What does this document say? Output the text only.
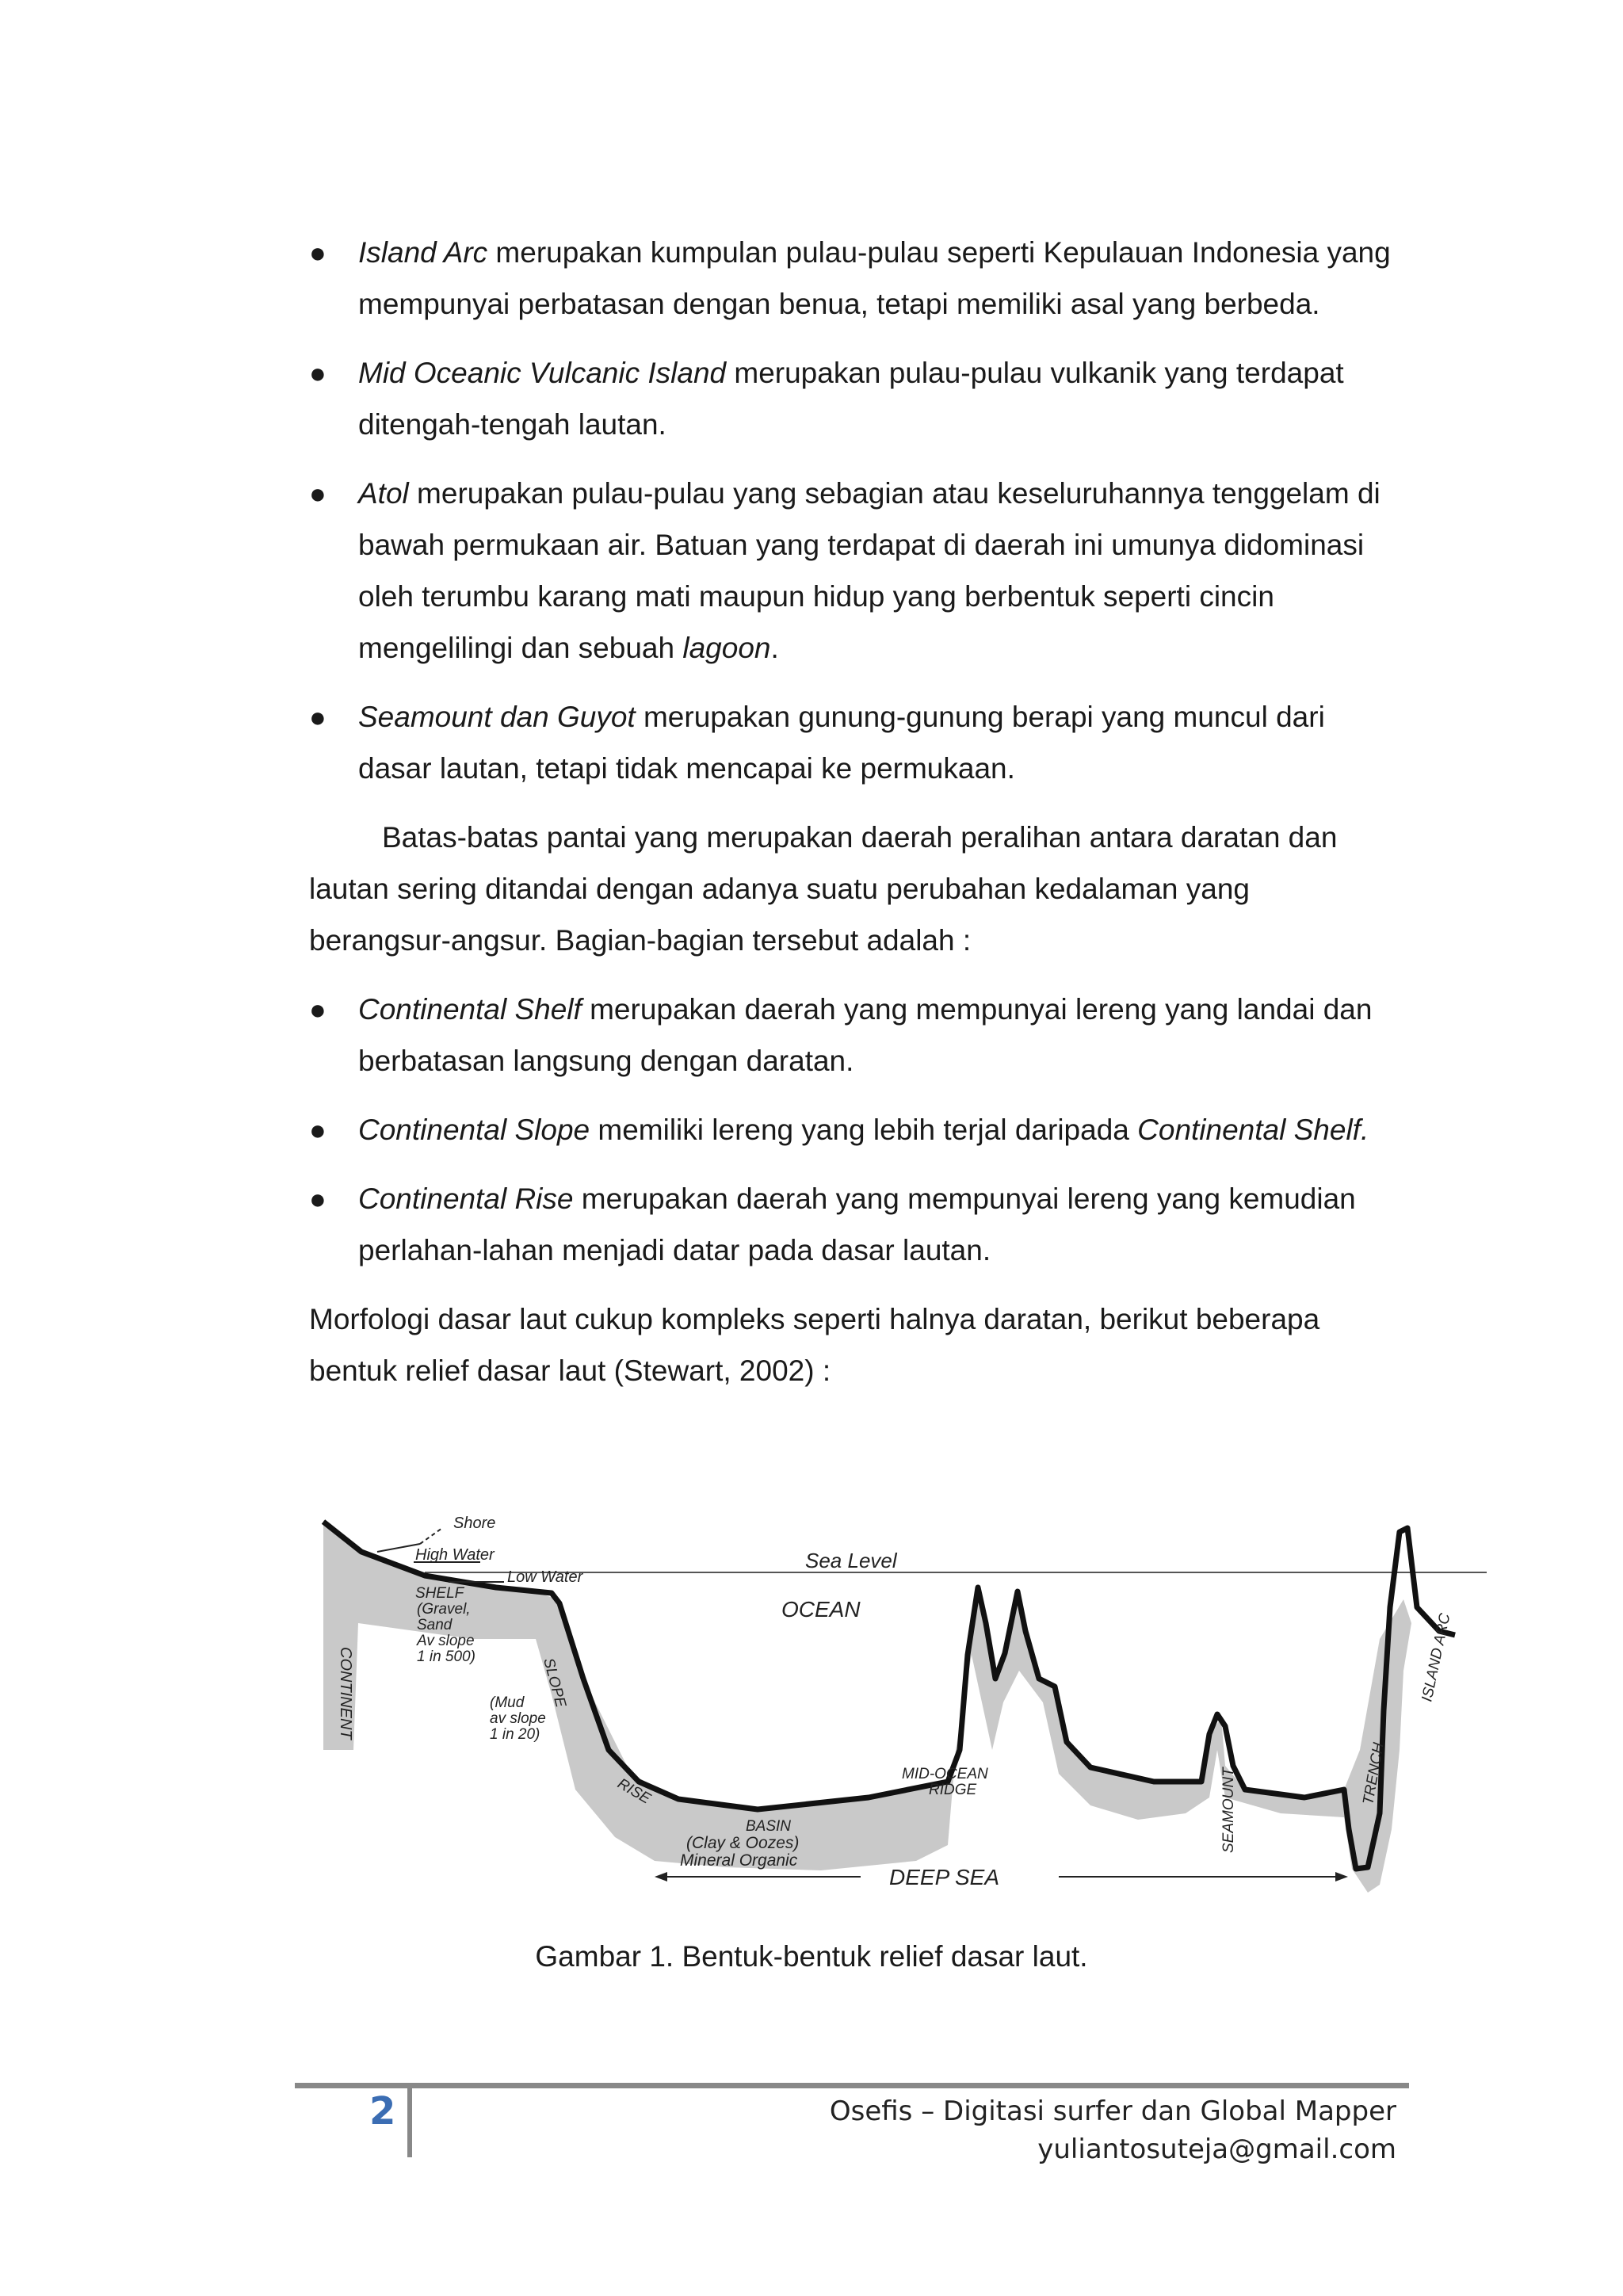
● Island Arc merupakan kumpulan pulau-pulau seperti Kepulauan Indonesia yang mempunyai perbatasan dengan benua, tetapi memiliki asal yang berbeda.
● Mid Oceanic Vulcanic Island merupakan pulau-pulau vulkanik yang terdapat ditengah-tengah lautan.
● Atol merupakan pulau-pulau yang sebagian atau keseluruhannya tenggelam di bawah permukaan air. Batuan yang terdapat di daerah ini umunya didominasi oleh terumbu karang mati maupun hidup yang berbentuk seperti cincin mengelilingi dan sebuah lagoon.
● Seamount dan Guyot merupakan gunung-gunung berapi yang muncul dari dasar lautan, tetapi tidak mencapai ke permukaan.

Batas-batas pantai yang merupakan daerah peralihan antara daratan dan lautan sering ditandai dengan adanya suatu perubahan kedalaman yang berangsur-angsur. Bagian-bagian tersebut adalah :

● Continental Shelf merupakan daerah yang mempunyai lereng yang landai dan berbatasan langsung dengan daratan.
● Continental Slope memiliki lereng yang lebih terjal daripada Continental Shelf.
● Continental Rise merupakan daerah yang mempunyai lereng yang kemudian perlahan-lahan menjadi datar pada dasar lautan.

Morfologi dasar laut cukup kompleks seperti halnya daratan, berikut beberapa bentuk relief dasar laut (Stewart, 2002) :

Shore
High Water
Low Water
Sea Level
CONTINENT
SHELF
(Gravel,
Sand
Av slope
1 in 500)
OCEAN
SLOPE
(Mud
av slope
1 in 20)
RISE
BASIN
(Clay & Oozes)
Mineral Organic
MID-OCEAN
RIDGE	SEAMOUNT	TRENCH
ISLAND ARC
DEEP SEA
Gambar 1. Bentuk-bentuk relief dasar laut.
2	Osefis – Digitasi surfer dan Global Mapper
yuliantosuteja@gmail.com
